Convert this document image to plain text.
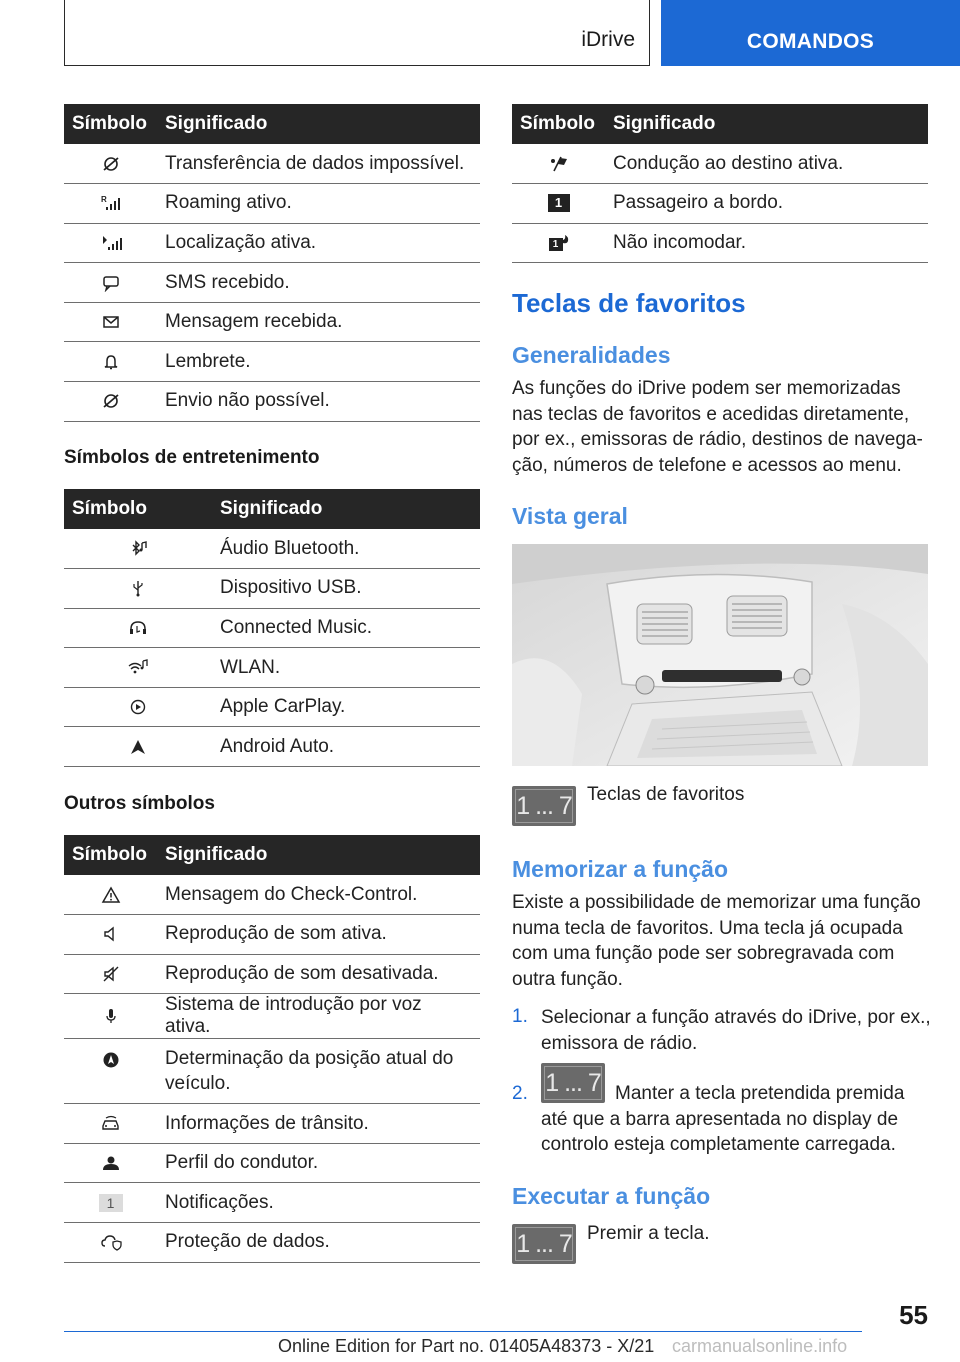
iDrive	COMANDOS
Símbolo	Significado

	Transferência de dados impossível.

R	Roaming ativo.

	Localização ativa.

	SMS recebido.

	Mensagem recebida.

	Lembrete.

	Envio não possível.
Símbolos de entretenimento
Símbolo	Significado

	Áudio Bluetooth.

	Dispositivo USB.

	Connected Music.

	WLAN.

	Apple CarPlay.

	Android Auto.
Outros símbolos
Símbolo	Significado

	Mensagem do Check-Control.

	Reprodução de som ativa.

	Reprodução de som desativada.

	Sistema de introdução por voz ativa.

	Determinação da posição atual do veículo.

	Informações de trânsito.

	Perfil do condutor.
1	Notificações.

	Proteção de dados.
Símbolo	Significado

	Condução ao destino ativa.
1	Passageiro a bordo.

1	Não incomodar.
Teclas de favoritos
Generalidades
As funções do iDrive podem ser memorizadas nas teclas de favoritos e acedidas diretamente, por ex., emissoras de rádio, destinos de navegação, números de telefone e acessos ao menu.
Vista geral
1 ... 7 Teclas de favoritos
Memorizar a função
Existe a possibilidade de memorizar uma função numa tecla de favoritos. Uma tecla já ocupada com uma função pode ser sobregravada com outra função.
1. Selecionar a função através do iDrive, por ex., emissora de rádio.
2. 1 ... 7 Manter a tecla pretendida premida até que a barra apresentada no display de controlo esteja completamente carregada.
Executar a função
1 ... 7 Premir a tecla.
55
Online Edition for Part no. 01405A48373 - X/21 carmanualsonline.info
